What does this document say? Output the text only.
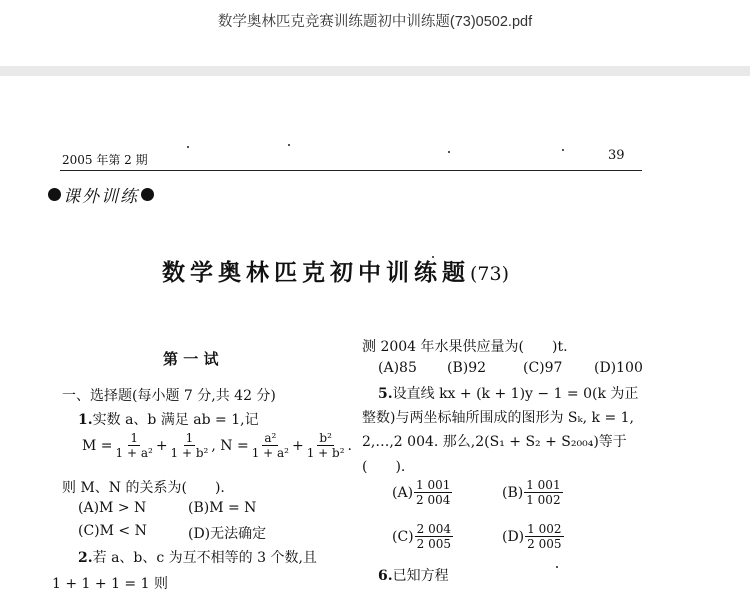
数学奥林匹克竞赛训练题初中训练题(73)0502.pdf
2005 年第 2 期	39
课外训练
数学奥林匹克初中训练题(73)
第 一 试
一、选择题(每小题 7 分,共 42 分)
1.实数 a、b 满足 ab = 1,记
$M = \frac{1}{\text{1 + a²}} + \frac{1}{\text{1 + b²}}$ , $N = \frac{\text{a²}}{\text{1 + a²}} + \frac{\text{b²}}{\text{1 + b²}}$ .
则 M、N 的关系为(　　).
(A)M > N	(B)M = N
(C)M < N	(D)无法确定
2.若 a、b、c 为互不相等的 3 个数,且
1 + 1 + 1 = 1 则
测 2004 年水果供应量为(　　)t.
(A)85 (B)92	(C)97 (D)100
5.设直线 kx + (k + 1)y − 1 = 0(k 为正
整数)与两坐标轴所围成的图形为 Sₖ, k = 1,
2,…,2 004. 那么,2(S₁ + S₂ + S₂₀₀₄)等于
(　　).
$(A) \frac{1 001}{2 004}$	$(B) \frac{1 001}{1 002}$
$(C) \frac{2 004}{2 005}$	$(D) \frac{1 002}{2 005}$
6.已知方程
